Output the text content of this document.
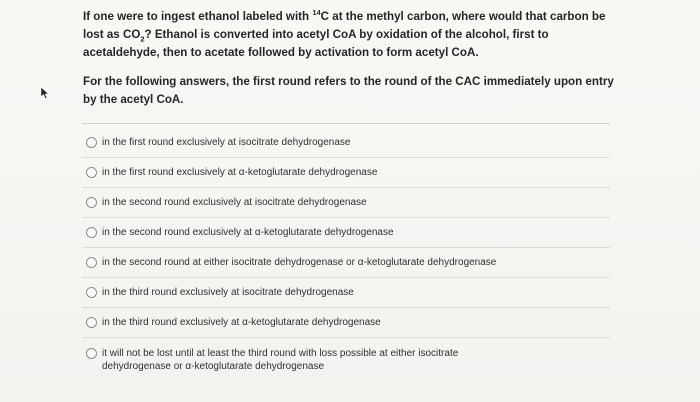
If one were to ingest ethanol labeled with $^{14}$C at the methyl carbon, where would that carbon be
lost as $CO_2$? Ethanol is converted into acetyl CoA by oxidation of the alcohol, first to
acetaldehyde, then to acetate followed by activation to form acetyl CoA.

For the following answers, the first round refers to the round of the CAC immediately upon entry
by the acetyl CoA.

in the first round exclusively at isocitrate dehydrogenase
in the first round exclusively at α-ketoglutarate dehydrogenase
in the second round exclusively at isocitrate dehydrogenase
in the second round exclusively at α-ketoglutarate dehydrogenase
in the second round at either isocitrate dehydrogenase or α-ketoglutarate dehydrogenase
in the third round exclusively at isocitrate dehydrogenase
in the third round exclusively at α-ketoglutarate dehydrogenase
it will not be lost until at least the third round with loss possible at either isocitrate dehydrogenase or α-ketoglutarate dehydrogenase
